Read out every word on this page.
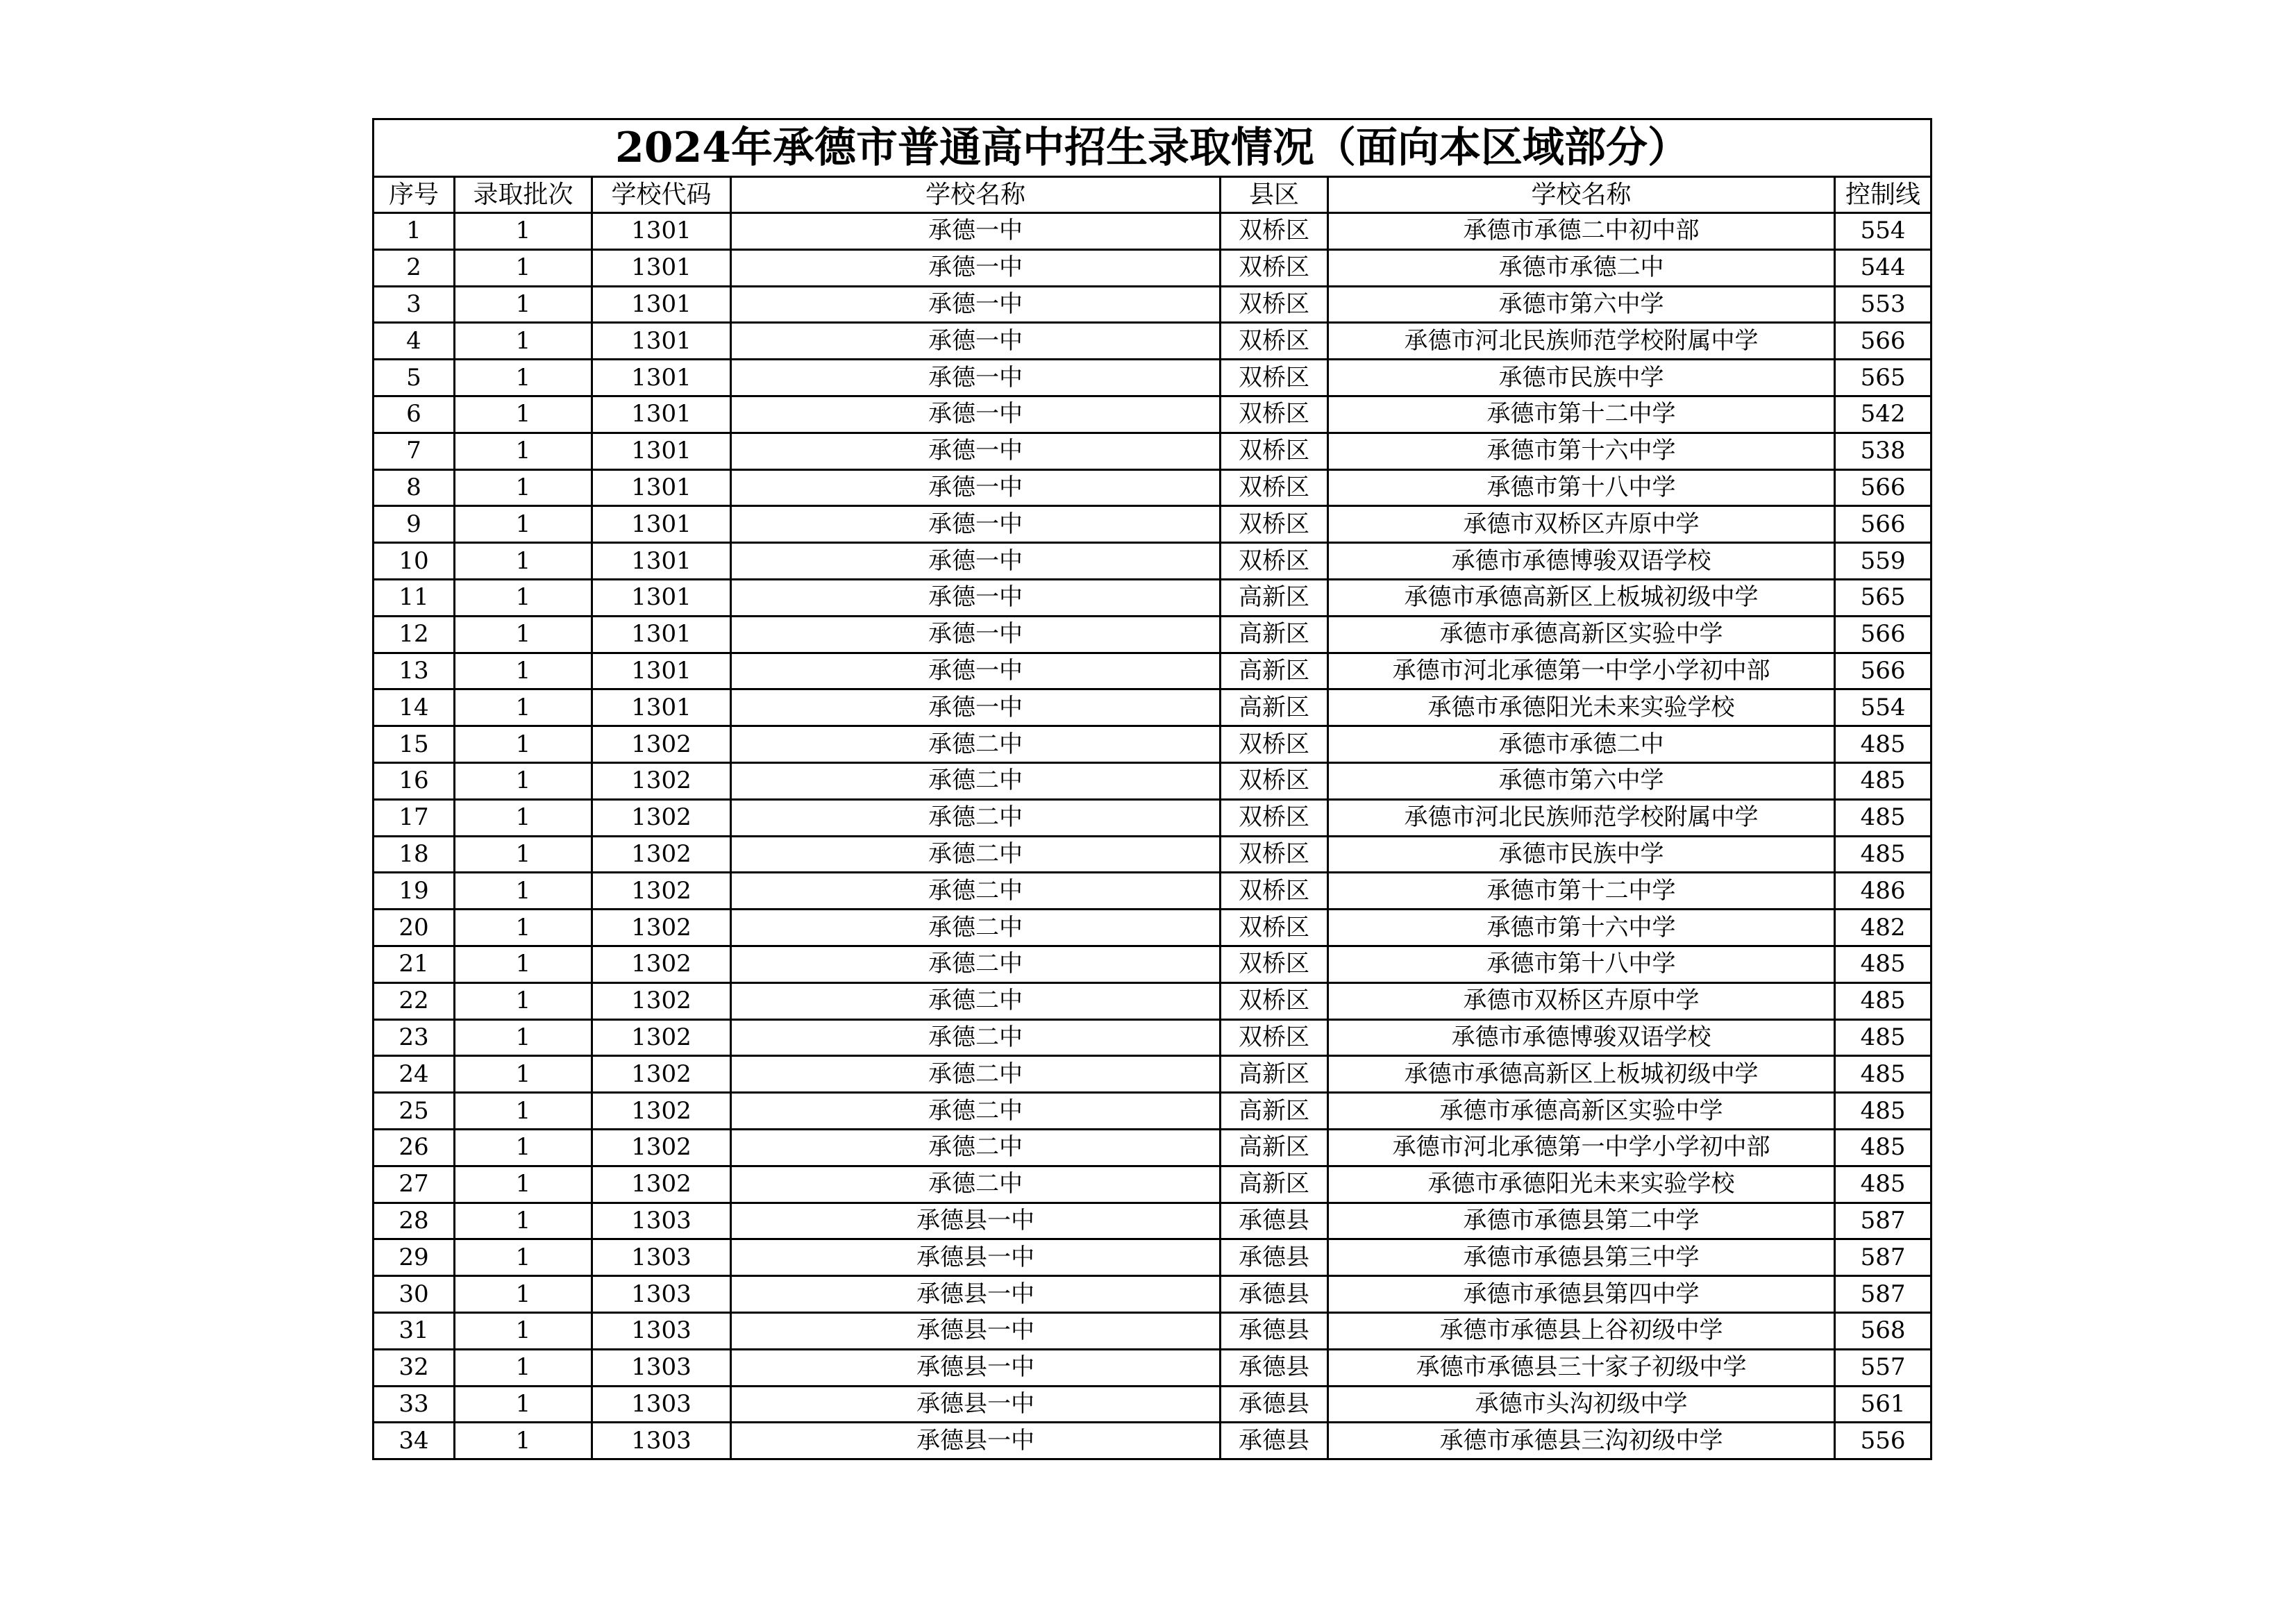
2024年承德市普通高中招生录取情况（面向本区域部分）						
序号	录取批次	学校代码	学校名称	县区	学校名称	控制线
1	1	1301	承德一中	双桥区	承德市承德二中初中部	554
2	1	1301	承德一中	双桥区	承德市承德二中	544
3	1	1301	承德一中	双桥区	承德市第六中学	553
4	1	1301	承德一中	双桥区	承德市河北民族师范学校附属中学	566
5	1	1301	承德一中	双桥区	承德市民族中学	565
6	1	1301	承德一中	双桥区	承德市第十二中学	542
7	1	1301	承德一中	双桥区	承德市第十六中学	538
8	1	1301	承德一中	双桥区	承德市第十八中学	566
9	1	1301	承德一中	双桥区	承德市双桥区卉原中学	566
10	1	1301	承德一中	双桥区	承德市承德博骏双语学校	559
11	1	1301	承德一中	高新区	承德市承德高新区上板城初级中学	565
12	1	1301	承德一中	高新区	承德市承德高新区实验中学	566
13	1	1301	承德一中	高新区	承德市河北承德第一中学小学初中部	566
14	1	1301	承德一中	高新区	承德市承德阳光未来实验学校	554
15	1	1302	承德二中	双桥区	承德市承德二中	485
16	1	1302	承德二中	双桥区	承德市第六中学	485
17	1	1302	承德二中	双桥区	承德市河北民族师范学校附属中学	485
18	1	1302	承德二中	双桥区	承德市民族中学	485
19	1	1302	承德二中	双桥区	承德市第十二中学	486
20	1	1302	承德二中	双桥区	承德市第十六中学	482
21	1	1302	承德二中	双桥区	承德市第十八中学	485
22	1	1302	承德二中	双桥区	承德市双桥区卉原中学	485
23	1	1302	承德二中	双桥区	承德市承德博骏双语学校	485
24	1	1302	承德二中	高新区	承德市承德高新区上板城初级中学	485
25	1	1302	承德二中	高新区	承德市承德高新区实验中学	485
26	1	1302	承德二中	高新区	承德市河北承德第一中学小学初中部	485
27	1	1302	承德二中	高新区	承德市承德阳光未来实验学校	485
28	1	1303	承德县一中	承德县	承德市承德县第二中学	587
29	1	1303	承德县一中	承德县	承德市承德县第三中学	587
30	1	1303	承德县一中	承德县	承德市承德县第四中学	587
31	1	1303	承德县一中	承德县	承德市承德县上谷初级中学	568
32	1	1303	承德县一中	承德县	承德市承德县三十家子初级中学	557
33	1	1303	承德县一中	承德县	承德市头沟初级中学	561
34	1	1303	承德县一中	承德县	承德市承德县三沟初级中学	556
